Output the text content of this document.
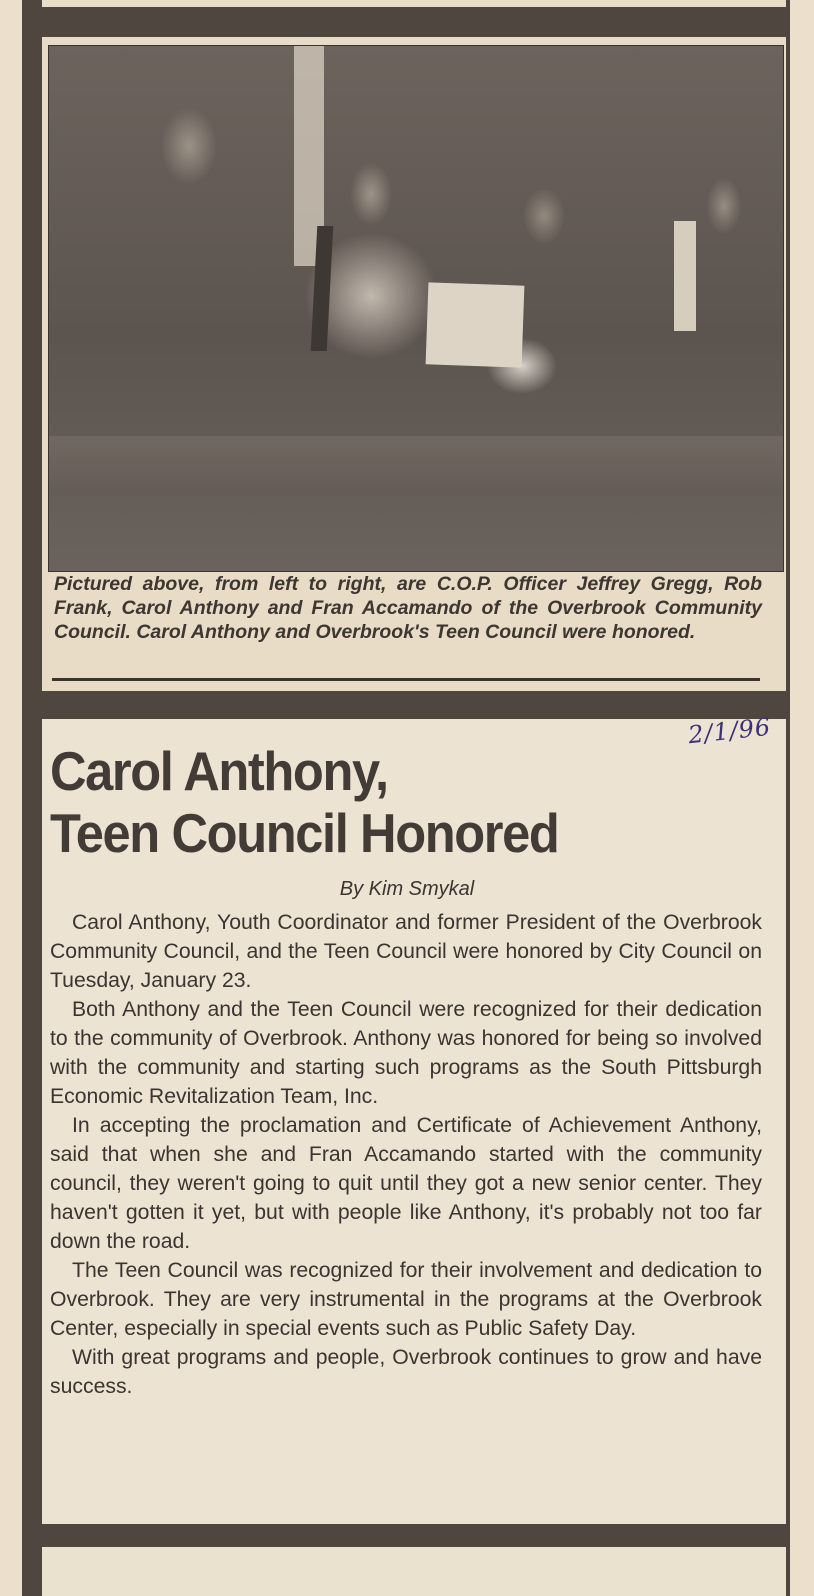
Pictured above, from left to right, are C.O.P. Officer Jeffrey Gregg, Rob Frank, Carol Anthony and Fran Accamando of the Overbrook Community Council. Carol Anthony and Overbrook's Teen Council were honored.
2/1/96
Carol Anthony,
Teen Council Honored
By Kim Smykal

Carol Anthony, Youth Coordinator and former President of the Overbrook Community Council, and the Teen Council were honored by City Council on Tuesday, January 23.

Both Anthony and the Teen Council were recognized for their dedication to the community of Overbrook. Anthony was honored for being so involved with the community and starting such programs as the South Pittsburgh Economic Revitalization Team, Inc.

In accepting the proclamation and Certificate of Achievement Anthony, said that when she and Fran Accamando started with the community council, they weren't going to quit until they got a new senior center. They haven't gotten it yet, but with people like Anthony, it's probably not too far down the road.

The Teen Council was recognized for their involvement and dedication to Overbrook. They are very instrumental in the programs at the Overbrook Center, especially in special events such as Public Safety Day.

With great programs and people, Overbrook continues to grow and have success.
